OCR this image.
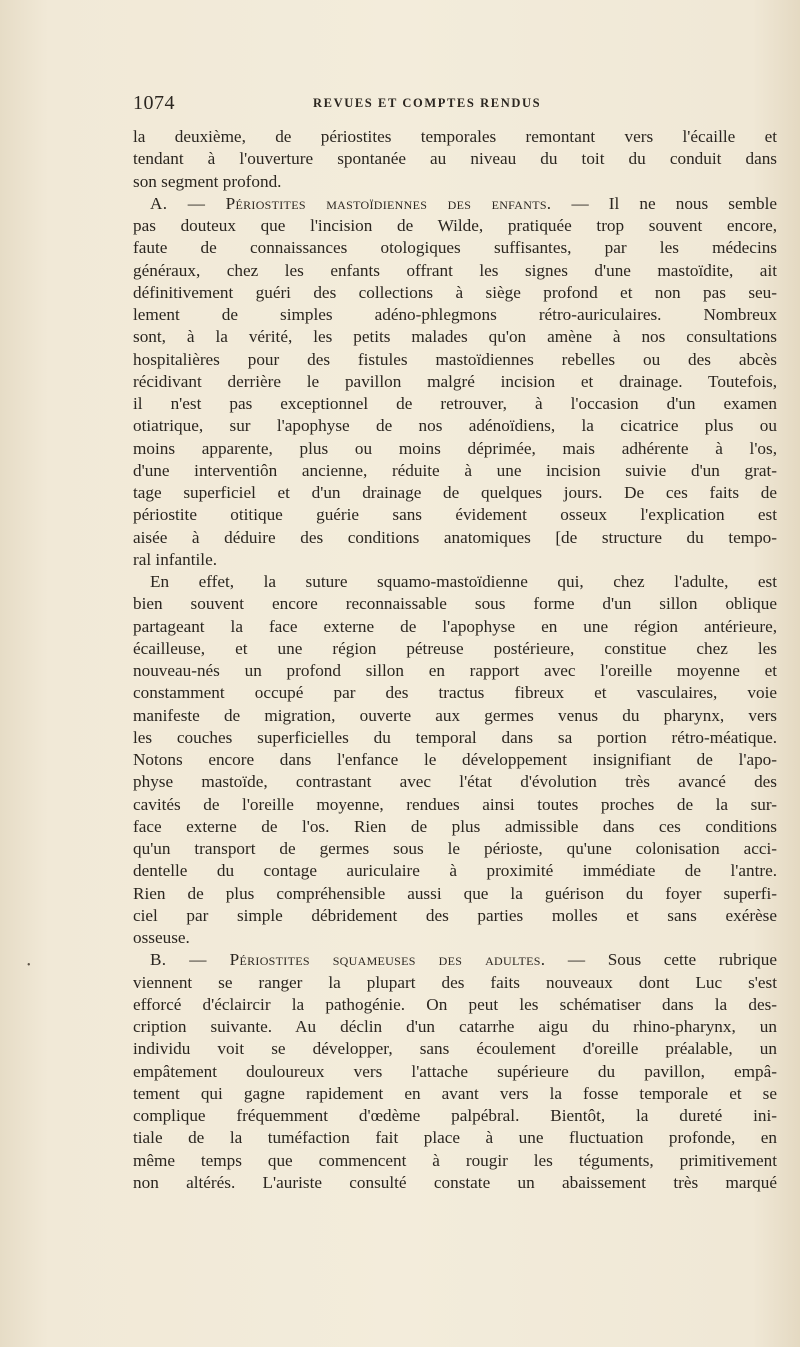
1074	REVUES ET COMPTES RENDUS
la deuxième, de périostites temporales remontant vers l'écaille et
tendant à l'ouverture spontanée au niveau du toit du conduit dans
son segment profond.
A. — Périostites mastoïdiennes des enfants. — Il ne nous semble
pas douteux que l'incision de Wilde, pratiquée trop souvent encore,
faute de connaissances otologiques suffisantes, par les médecins
généraux, chez les enfants offrant les signes d'une mastoïdite, ait
définitivement guéri des collections à siège profond et non pas seu-
lement de simples adéno-phlegmons rétro-auriculaires. Nombreux
sont, à la vérité, les petits malades qu'on amène à nos consultations
hospitalières pour des fistules mastoïdiennes rebelles ou des abcès
récidivant derrière le pavillon malgré incision et drainage. Toutefois,
il n'est pas exceptionnel de retrouver, à l'occasion d'un examen
otiatrique, sur l'apophyse de nos adénoïdiens, la cicatrice plus ou
moins apparente, plus ou moins déprimée, mais adhérente à l'os,
d'une interventiôn ancienne, réduite à une incision suivie d'un grat-
tage superficiel et d'un drainage de quelques jours. De ces faits de
périostite otitique guérie sans évidement osseux l'explication est
aisée à déduire des conditions anatomiques [de structure du tempo-
ral infantile.
En effet, la suture squamo-mastoïdienne qui, chez l'adulte, est
bien souvent encore reconnaissable sous forme d'un sillon oblique
partageant la face externe de l'apophyse en une région antérieure,
écailleuse, et une région pétreuse postérieure, constitue chez les
nouveau-nés un profond sillon en rapport avec l'oreille moyenne et
constamment occupé par des tractus fibreux et vasculaires, voie
manifeste de migration, ouverte aux germes venus du pharynx, vers
les couches superficielles du temporal dans sa portion rétro-méatique.
Notons encore dans l'enfance le développement insignifiant de l'apo-
physe mastoïde, contrastant avec l'état d'évolution très avancé des
cavités de l'oreille moyenne, rendues ainsi toutes proches de la sur-
face externe de l'os. Rien de plus admissible dans ces conditions
qu'un transport de germes sous le périoste, qu'une colonisation acci-
dentelle du contage auriculaire à proximité immédiate de l'antre.
Rien de plus compréhensible aussi que la guérison du foyer superfi-
ciel par simple débridement des parties molles et sans exérèse
osseuse.
B. — Périostites squameuses des adultes. — Sous cette rubrique
viennent se ranger la plupart des faits nouveaux dont Luc s'est
efforcé d'éclaircir la pathogénie. On peut les schématiser dans la des-
cription suivante. Au déclin d'un catarrhe aigu du rhino-pharynx, un
individu voit se développer, sans écoulement d'oreille préalable, un
empâtement douloureux vers l'attache supérieure du pavillon, empâ-
tement qui gagne rapidement en avant vers la fosse temporale et se
complique fréquemment d'œdème palpébral. Bientôt, la dureté ini-
tiale de la tuméfaction fait place à une fluctuation profonde, en
même temps que commencent à rougir les téguments, primitivement
non altérés. L'auriste consulté constate un abaissement très marqué
•
